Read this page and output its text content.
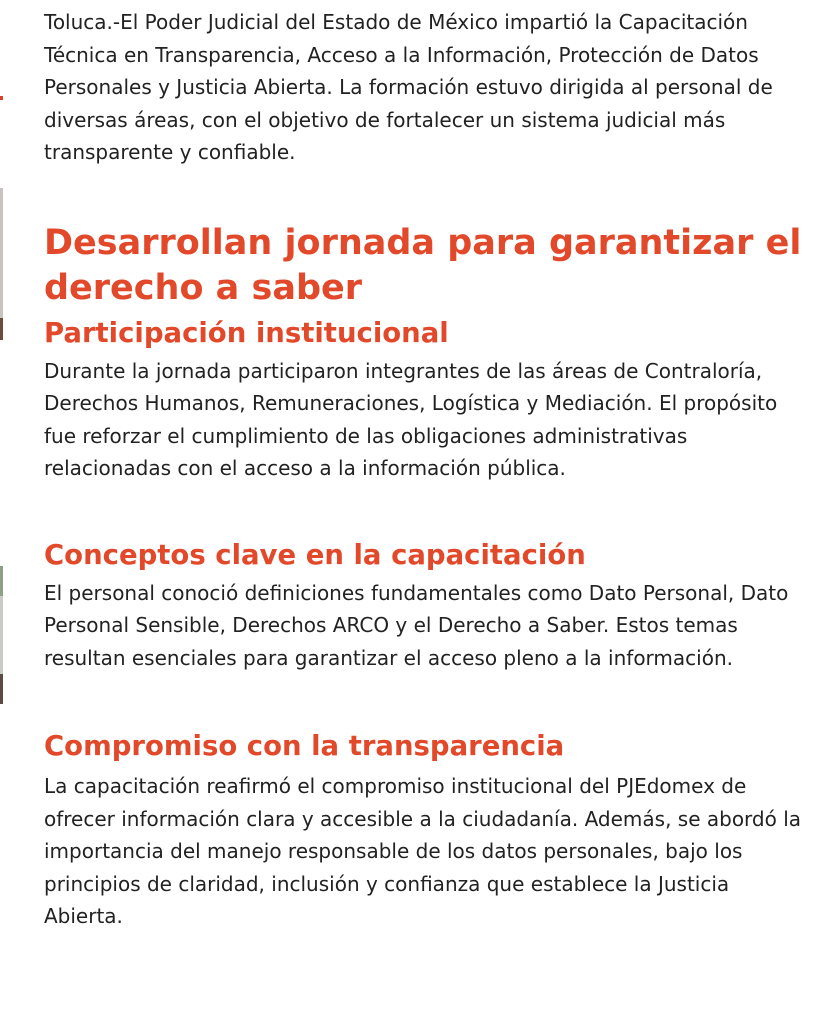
Toluca.-El Poder Judicial del Estado de México impartió la Capacitación Técnica en Transparencia, Acceso a la Información, Protección de Datos Personales y Justicia Abierta. La formación estuvo dirigida al personal de diversas áreas, con el objetivo de fortalecer un sistema judicial más transparente y confiable.

Desarrollan jornada para garantizar el derecho a saber
Participación institucional

Durante la jornada participaron integrantes de las áreas de Contraloría, Derechos Humanos, Remuneraciones, Logística y Mediación. El propósito fue reforzar el cumplimiento de las obligaciones administrativas relacionadas con el acceso a la información pública.

Conceptos clave en la capacitación

El personal conoció definiciones fundamentales como Dato Personal, Dato Personal Sensible, Derechos ARCO y el Derecho a Saber. Estos temas resultan esenciales para garantizar el acceso pleno a la información.

Compromiso con la transparencia

La capacitación reafirmó el compromiso institucional del PJEdomex de ofrecer información clara y accesible a la ciudadanía. Además, se abordó la importancia del manejo responsable de los datos personales, bajo los principios de claridad, inclusión y confianza que establece la Justicia Abierta.
